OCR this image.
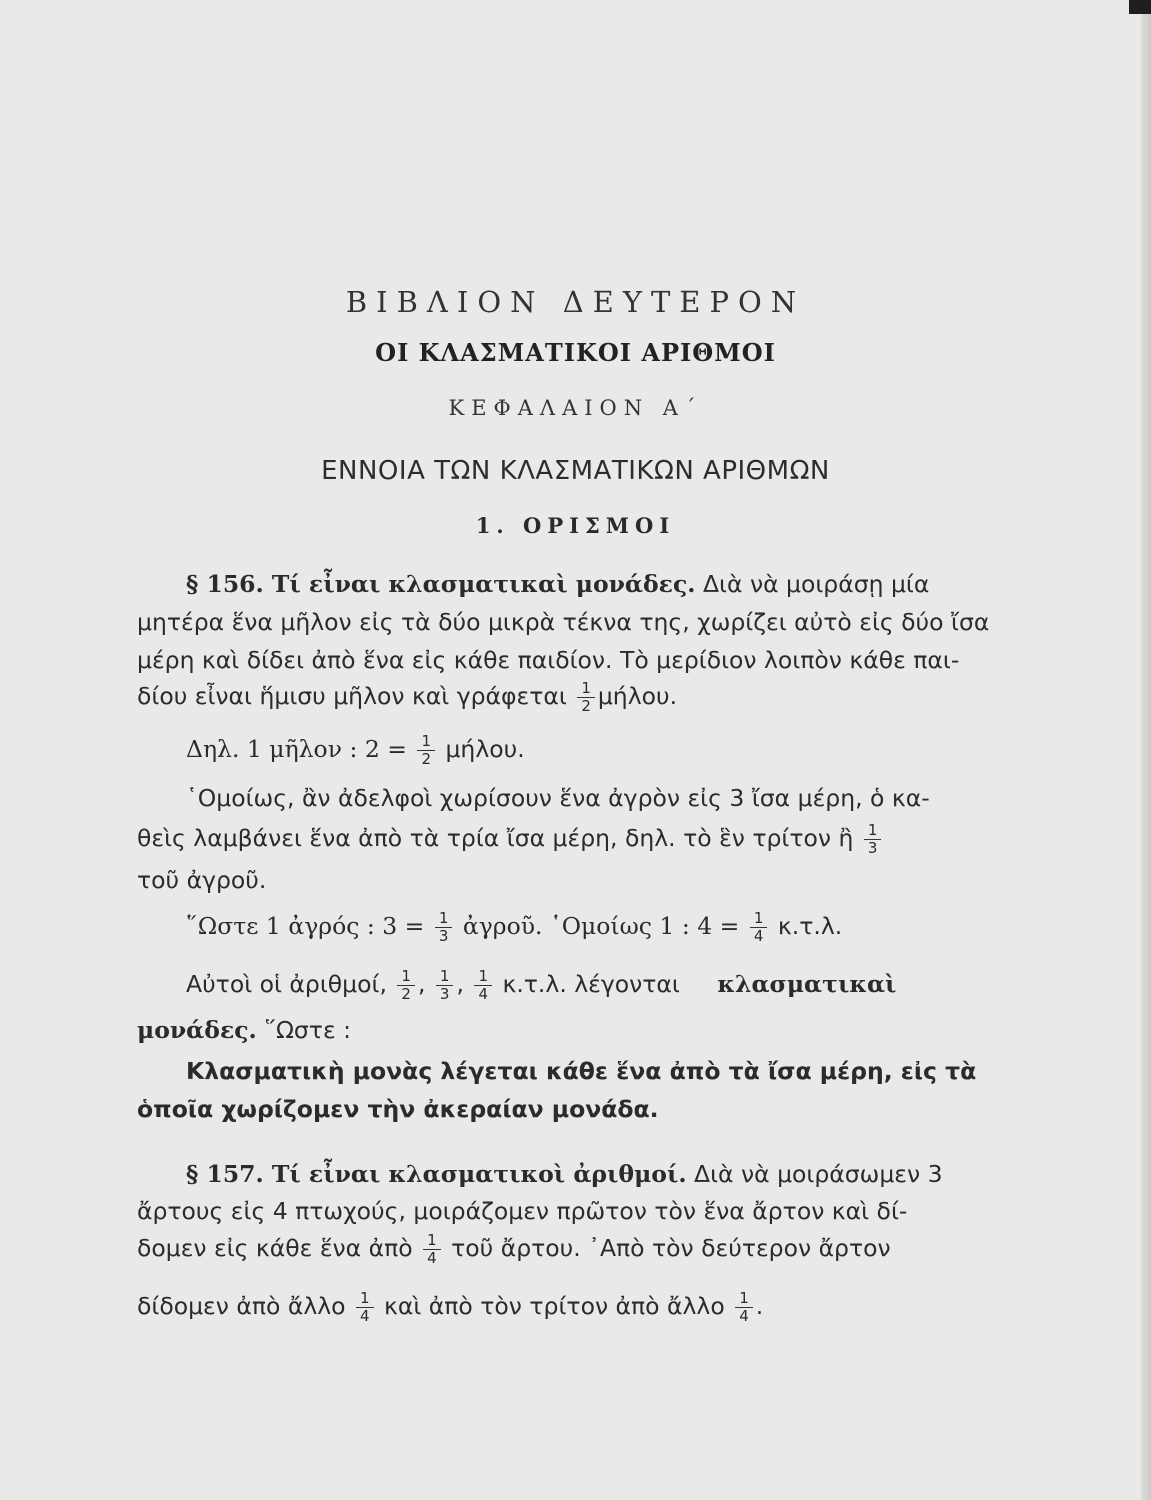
ΒΙΒΛΙΟΝ ΔΕΥΤΕΡΟΝ
ΟΙ ΚΛΑΣΜΑΤΙΚΟΙ ΑΡΙΘΜΟΙ
ΚΕΦΑΛΑΙΟΝ Α΄
ΕΝΝΟΙΑ ΤΩΝ ΚΛΑΣΜΑΤΙΚΩΝ ΑΡΙΘΜΩΝ
1. ΟΡΙΣΜΟΙ
§ 156. Τί εἶναι κλασματικαὶ μονάδες. Διὰ νὰ μοιράσῃ μία
μητέρα ἕνα μῆλον εἰς τὰ δύο μικρὰ τέκνα της, χωρίζει αὐτὸ εἰς δύο ἴσα
μέρη καὶ δίδει ἀπὸ ἕνα εἰς κάθε παιδίον. Τὸ μερίδιον λοιπὸν κάθε παι-
δίου εἶναι ἥμισυ μῆλον καὶ γράφεται $\frac{1}{2} \mu ή\lambda o\upsilon$.
Δηλ. 1 μῆλον : $2 = \frac{1}{2} \mu ή\lambda o\upsilon$.
῾Ομοίως, ἂν ἀδελφοὶ χωρίσουν ἕνα ἀγρὸν εἰς 3 ἴσα μέρη, ὁ κα-
θεὶς λαμβάνει ἕνα ἀπὸ τὰ τρία ἴσα μέρη, δηλ. τὸ ἓν τρίτον ἢ $\frac{1}{3}$
τοῦ ἀγροῦ.
῞Ωστε 1 ἀγρός : $3 = \frac{1}{3}$ ἀγροῦ. ῾Ομοίως 1 : $4 = \frac{1}{4} \kappa.\tau.\lambda$.
Αὐτοὶ οἱ ἀριθμοί, $\frac{1}{2}$ , $\frac{1}{3}$ , $\frac{1}{4} \kappa.\tau.\lambda$. λέγονται κλασματικαὶ
μονάδες. ῞Ωστε :
Κλασματικὴ μονὰς λέγεται κάθε ἕνα ἀπὸ τὰ ἴσα μέρη, εἰς τὰ
ὁποῖα χωρίζομεν τὴν ἀκεραίαν μονάδα.
§ 157. Τί εἶναι κλασματικοὶ ἀριθμοί. Διὰ νὰ μοιράσωμεν 3
ἄρτους εἰς 4 πτωχούς, μοιράζομεν πρῶτον τὸν ἕνα ἄρτον καὶ δί-
δομεν εἰς κάθε ἕνα ἀπὸ $\frac{1}{4}$ τοῦ ἄρτου. ᾿Απὸ τὸν δεύτερον ἄρτον
δίδομεν ἀπὸ ἄλλο $\frac{1}{4}$ καὶ ἀπὸ τὸν τρίτον ἀπὸ ἄλλο $\frac{1}{4}$ .
